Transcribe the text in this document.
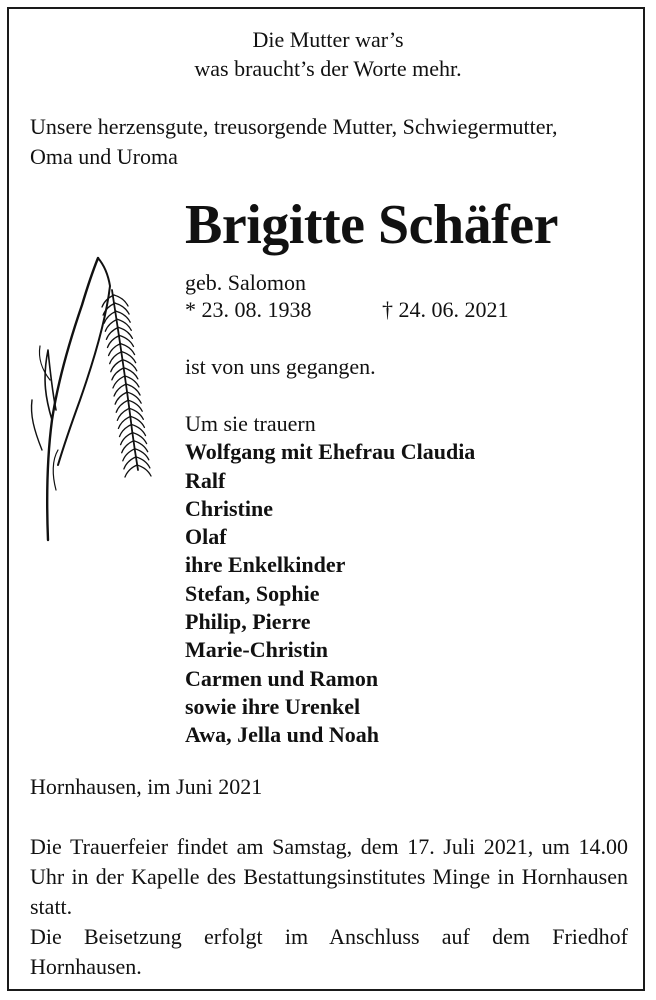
Die Mutter war’s
was braucht’s der Worte mehr.
Unsere herzensgute, treusorgende Mutter, Schwiegermutter,
Oma und Uroma
Brigitte Schäfer
geb. Salomon
* 23. 08. 1938	† 24. 06. 2021
ist von uns gegangen.
Um sie trauern
Wolfgang mit Ehefrau Claudia
Ralf
Christine
Olaf
ihre Enkelkinder
Stefan, Sophie
Philip, Pierre
Marie-Christin
Carmen und Ramon
sowie ihre Urenkel
Awa, Jella und Noah
Hornhausen, im Juni 2021

Die Trauerfeier findet am Samstag, dem 17. Juli 2021, um 14.00 Uhr in der Kapelle des Bestattungsinstitutes Minge in Hornhausen statt.

Die Beisetzung erfolgt im Anschluss auf dem Friedhof Hornhausen.
